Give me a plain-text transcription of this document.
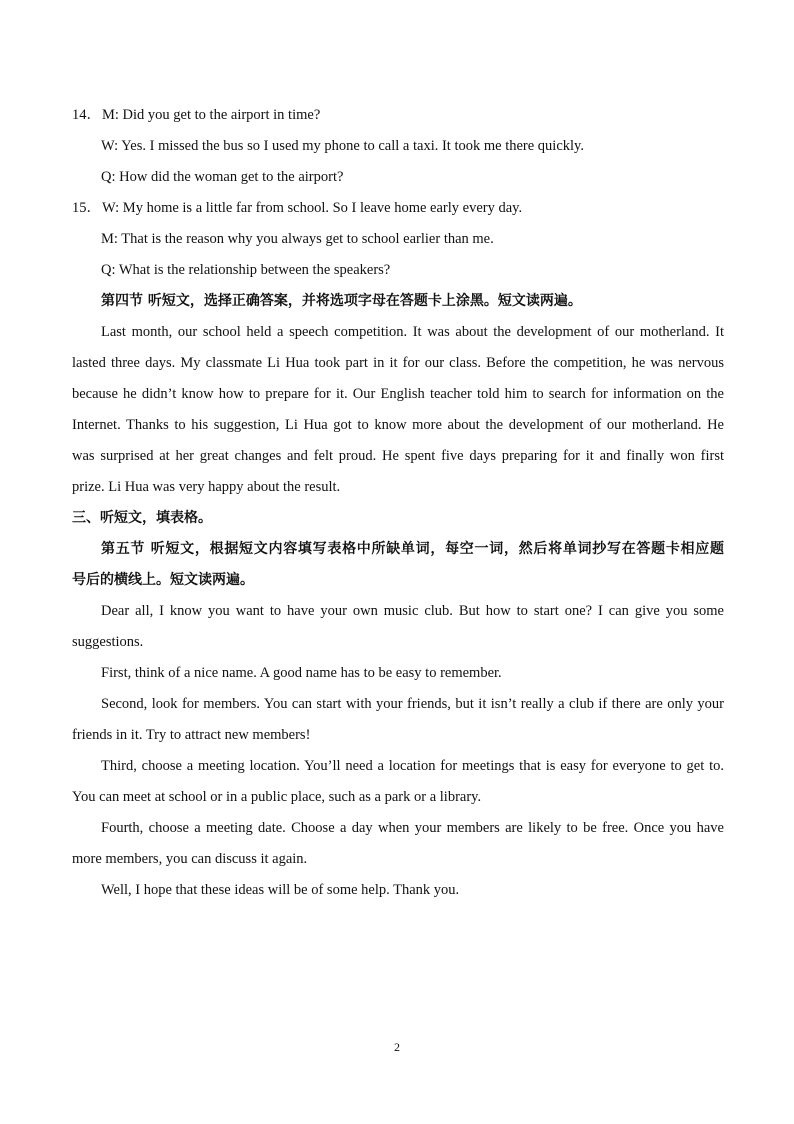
14．M: Did you get to the airport in time?
W: Yes. I missed the bus so I used my phone to call a taxi. It took me there quickly.
Q: How did the woman get to the airport?
15．W: My home is a little far from school. So I leave home early every day.
M: That is the reason why you always get to school earlier than me.
Q: What is the relationship between the speakers?
第四节 听短文，选择正确答案，并将选项字母在答题卡上涂黑。短文读两遍。
Last month, our school held a speech competition. It was about the development of our motherland. It
lasted three days. My classmate Li Hua took part in it for our class. Before the competition, he was nervous
because he didn’t know how to prepare for it. Our English teacher told him to search for information on the
Internet. Thanks to his suggestion, Li Hua got to know more about the development of our motherland. He
was surprised at her great changes and felt proud. He spent five days preparing for it and finally won first
prize. Li Hua was very happy about the result.
三、听短文，填表格。
第五节 听短文，根据短文内容填写表格中所缺单词，每空一词，然后将单词抄写在答题卡相应题
号后的横线上。短文读两遍。
Dear all, I know you want to have your own music club. But how to start one? I can give you some
suggestions.
First, think of a nice name. A good name has to be easy to remember.
Second, look for members. You can start with your friends, but it isn’t really a club if there are only your
friends in it. Try to attract new members!
Third, choose a meeting location. You’ll need a location for meetings that is easy for everyone to get to.
You can meet at school or in a public place, such as a park or a library.
Fourth, choose a meeting date. Choose a day when your members are likely to be free. Once you have
more members, you can discuss it again.
Well, I hope that these ideas will be of some help. Thank you.
2
